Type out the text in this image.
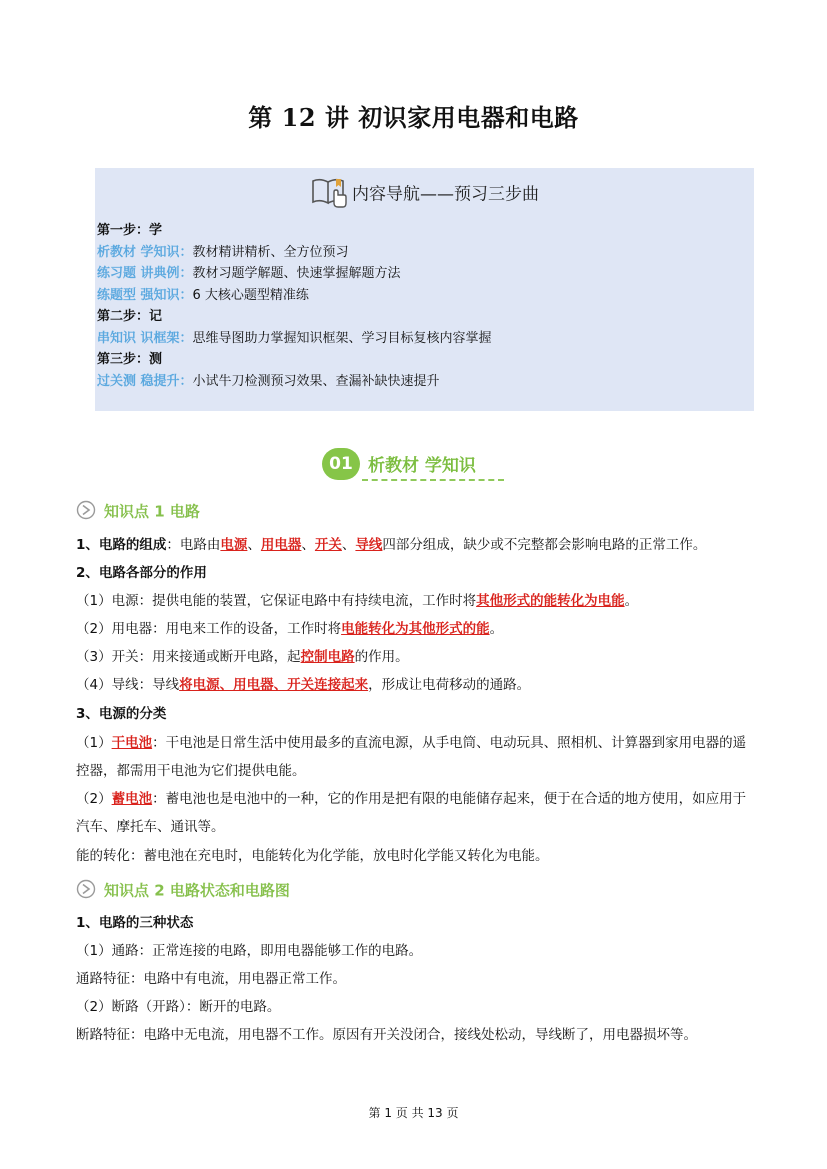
第 12 讲 初识家用电器和电路
内容导航——预习三步曲
第一步：学
析教材 学知识：教材精讲精析、全方位预习
练习题 讲典例：教材习题学解题、快速掌握解题方法
练题型 强知识：6 大核心题型精准练
第二步：记
串知识 识框架：思维导图助力掌握知识框架、学习目标复核内容掌握
第三步：测
过关测 稳提升：小试牛刀检测预习效果、查漏补缺快速提升
01 析教材 学知识
知识点 1 电路
1、电路的组成：电路由电源、用电器、开关、导线四部分组成，缺少或不完整都会影响电路的正常工作。
2、电路各部分的作用
（1）电源：提供电能的装置，它保证电路中有持续电流，工作时将其他形式的能转化为电能。
（2）用电器：用电来工作的设备，工作时将电能转化为其他形式的能。
（3）开关：用来接通或断开电路，起控制电路的作用。
（4）导线：导线将电源、用电器、开关连接起来，形成让电荷移动的通路。
3、电源的分类
（1）干电池：干电池是日常生活中使用最多的直流电源，从手电筒、电动玩具、照相机、计算器到家用电器的遥控器，都需用干电池为它们提供电能。
（2）蓄电池：蓄电池也是电池中的一种，它的作用是把有限的电能储存起来，便于在合适的地方使用，如应用于汽车、摩托车、通讯等。
能的转化：蓄电池在充电时，电能转化为化学能，放电时化学能又转化为电能。
知识点 2 电路状态和电路图
1、电路的三种状态
（1）通路：正常连接的电路，即用电器能够工作的电路。
通路特征：电路中有电流，用电器正常工作。
（2）断路（开路）：断开的电路。
断路特征：电路中无电流，用电器不工作。原因有开关没闭合，接线处松动，导线断了，用电器损坏等。
第 1 页 共 13 页
